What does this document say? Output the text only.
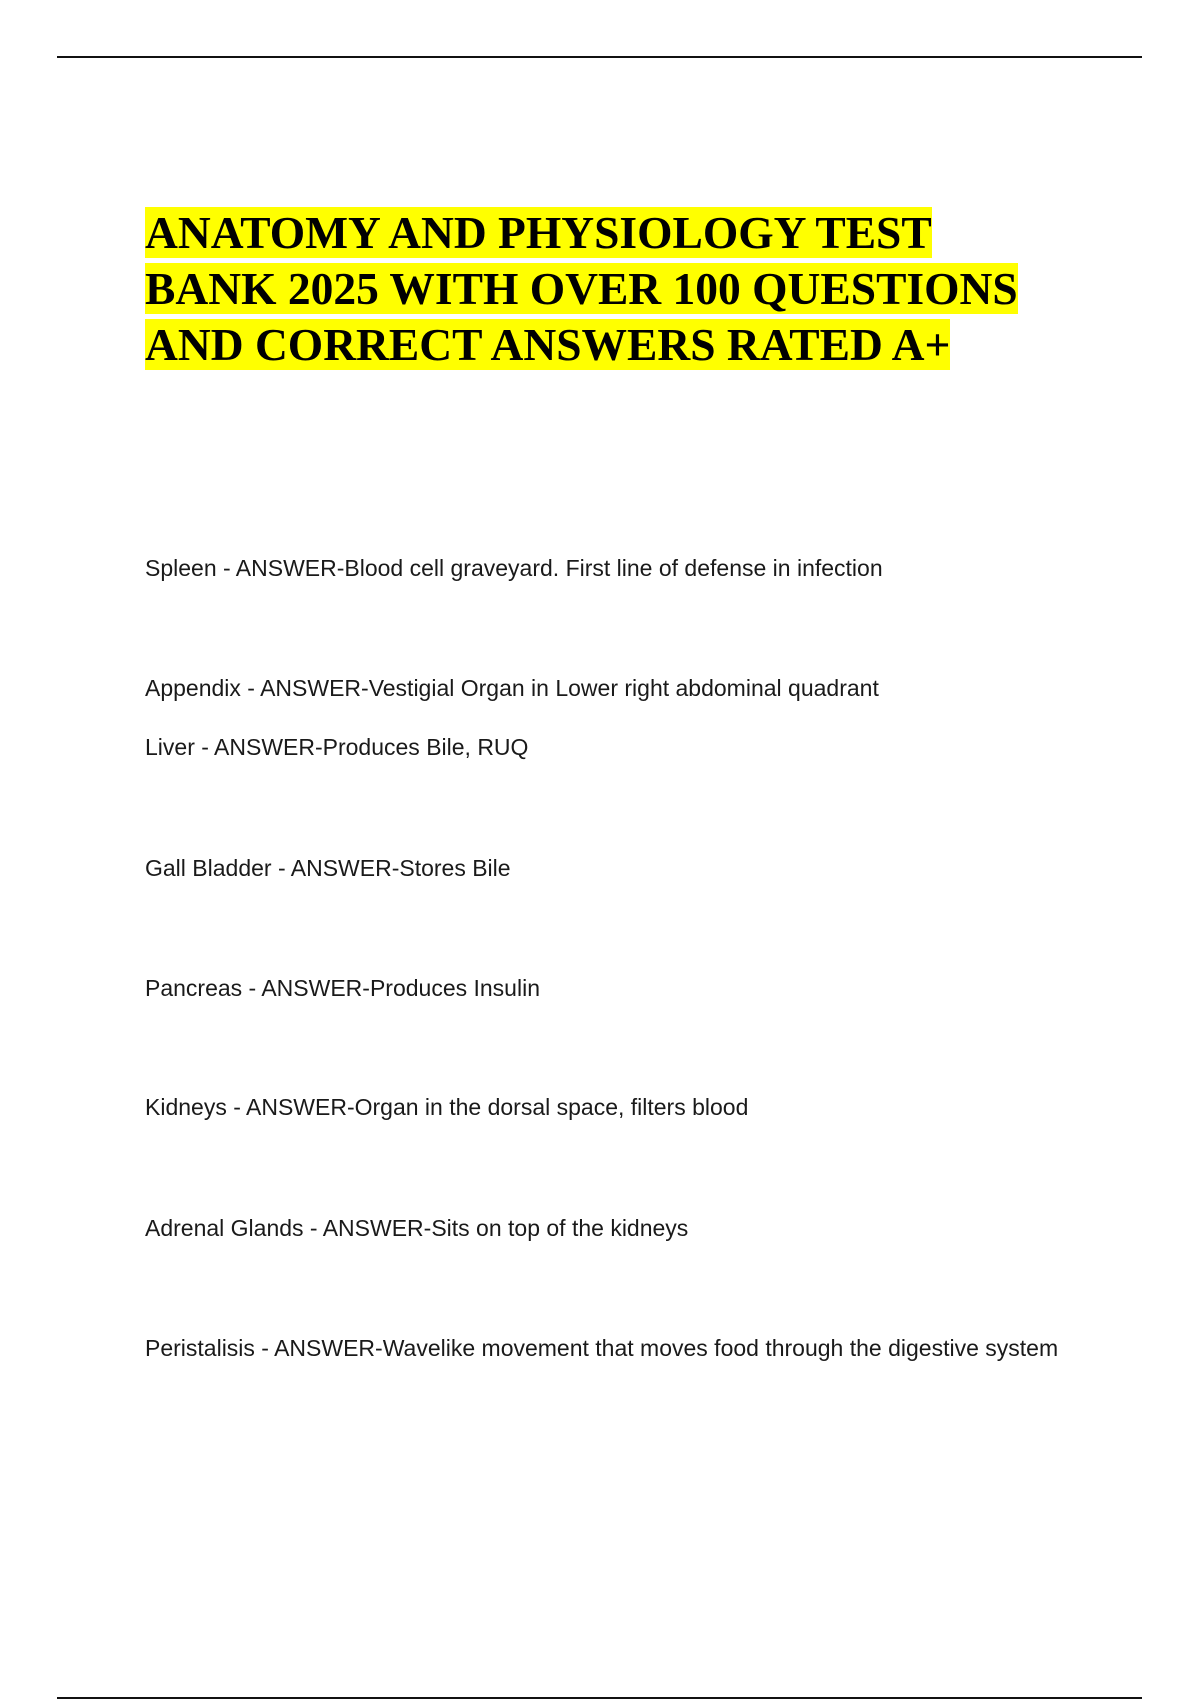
ANATOMY AND PHYSIOLOGY TEST
BANK 2025 WITH OVER 100 QUESTIONS
AND CORRECT ANSWERS RATED A+

Spleen - ANSWER-Blood cell graveyard. First line of defense in infection

Appendix - ANSWER-Vestigial Organ in Lower right abdominal quadrant

Liver - ANSWER-Produces Bile, RUQ

Gall Bladder - ANSWER-Stores Bile

Pancreas - ANSWER-Produces Insulin

Kidneys - ANSWER-Organ in the dorsal space, filters blood

Adrenal Glands - ANSWER-Sits on top of the kidneys

Peristalisis - ANSWER-Wavelike movement that moves food through the digestive system
